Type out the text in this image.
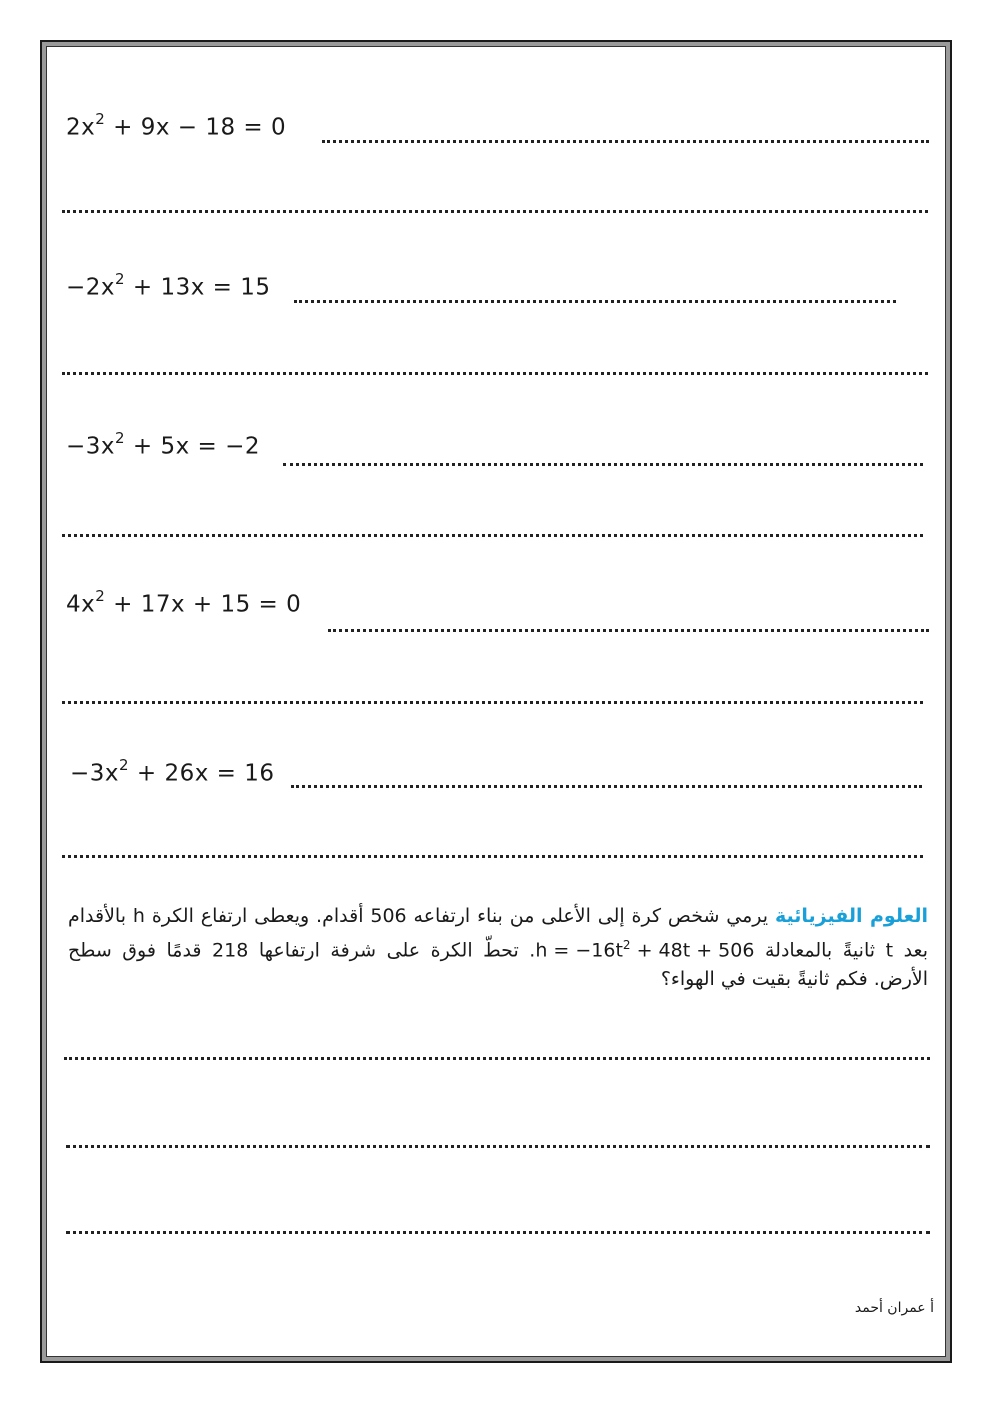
$2x^2 + 9x - 18 = 0$
$-2x^2 + 13x = 15$
$-3x^2 + 5x = -2$
$4x^2 + 17x + 15 = 0$
$-3x^2 + 26x = 16$
العلوم الفيزيائية يرمي شخص كرة إلى الأعلى من بناء ارتفاعه 506 أقدام. ويعطى ارتفاع الكرة h بالأقدام بعد t ثانيةً بالمعادلة $h = -16t^2 + 48t + 506$. تحطّ الكرة على شرفة ارتفاعها 218 قدمًا فوق سطح الأرض. فكم ثانيةً بقيت في الهواء؟
أ عمران أحمد
